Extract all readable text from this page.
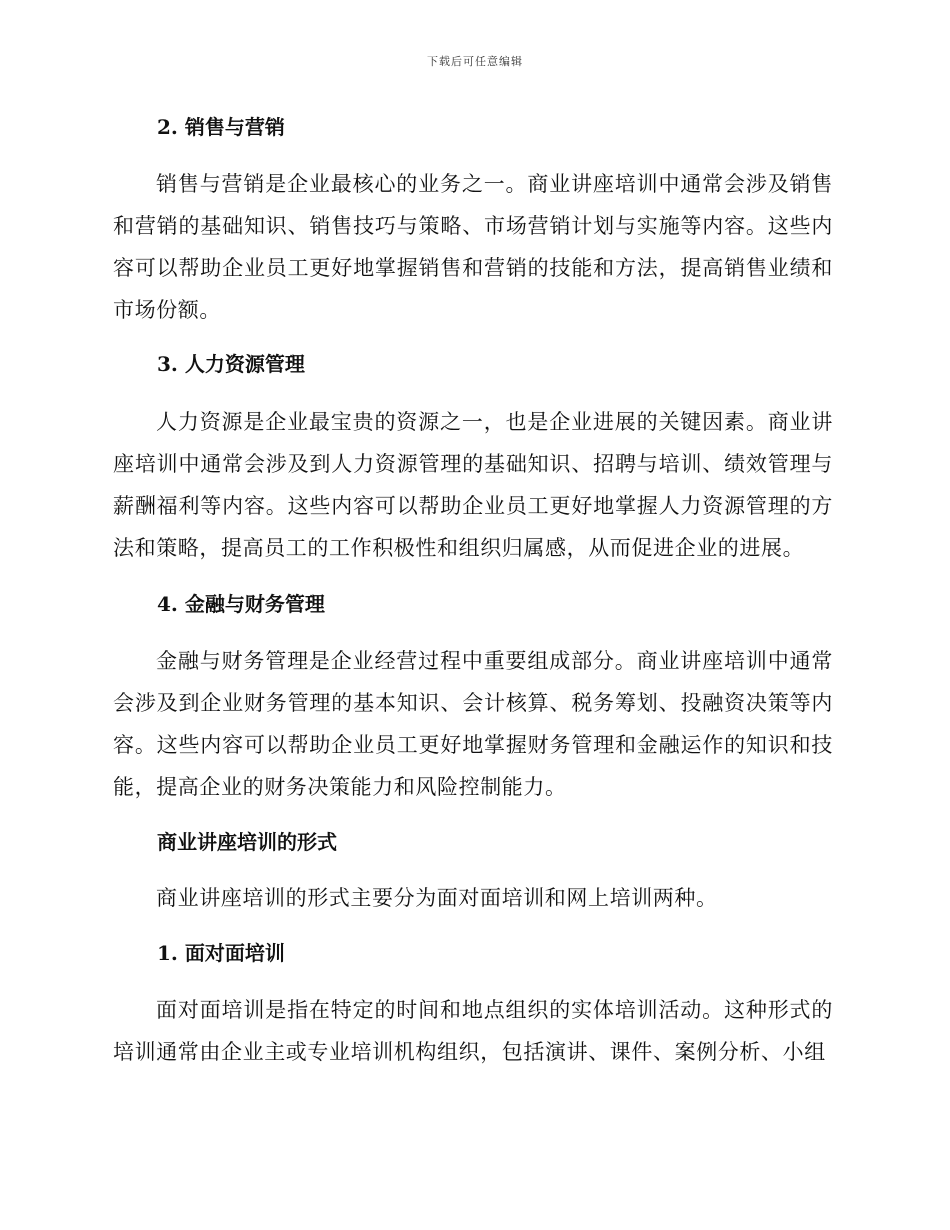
下载后可任意编辑
2. 销售与营销

销售与营销是企业最核心的业务之一。商业讲座培训中通常会涉及销售和营销的基础知识、销售技巧与策略、市场营销计划与实施等内容。这些内容可以帮助企业员工更好地掌握销售和营销的技能和方法，提高销售业绩和市场份额。

3. 人力资源管理

人力资源是企业最宝贵的资源之一，也是企业进展的关键因素。商业讲座培训中通常会涉及到人力资源管理的基础知识、招聘与培训、绩效管理与薪酬福利等内容。这些内容可以帮助企业员工更好地掌握人力资源管理的方法和策略，提高员工的工作积极性和组织归属感，从而促进企业的进展。

4. 金融与财务管理

金融与财务管理是企业经营过程中重要组成部分。商业讲座培训中通常会涉及到企业财务管理的基本知识、会计核算、税务筹划、投融资决策等内容。这些内容可以帮助企业员工更好地掌握财务管理和金融运作的知识和技能，提高企业的财务决策能力和风险控制能力。

商业讲座培训的形式

商业讲座培训的形式主要分为面对面培训和网上培训两种。

1. 面对面培训

面对面培训是指在特定的时间和地点组织的实体培训活动。这种形式的培训通常由企业主或专业培训机构组织，包括演讲、课件、案例分析、小组
